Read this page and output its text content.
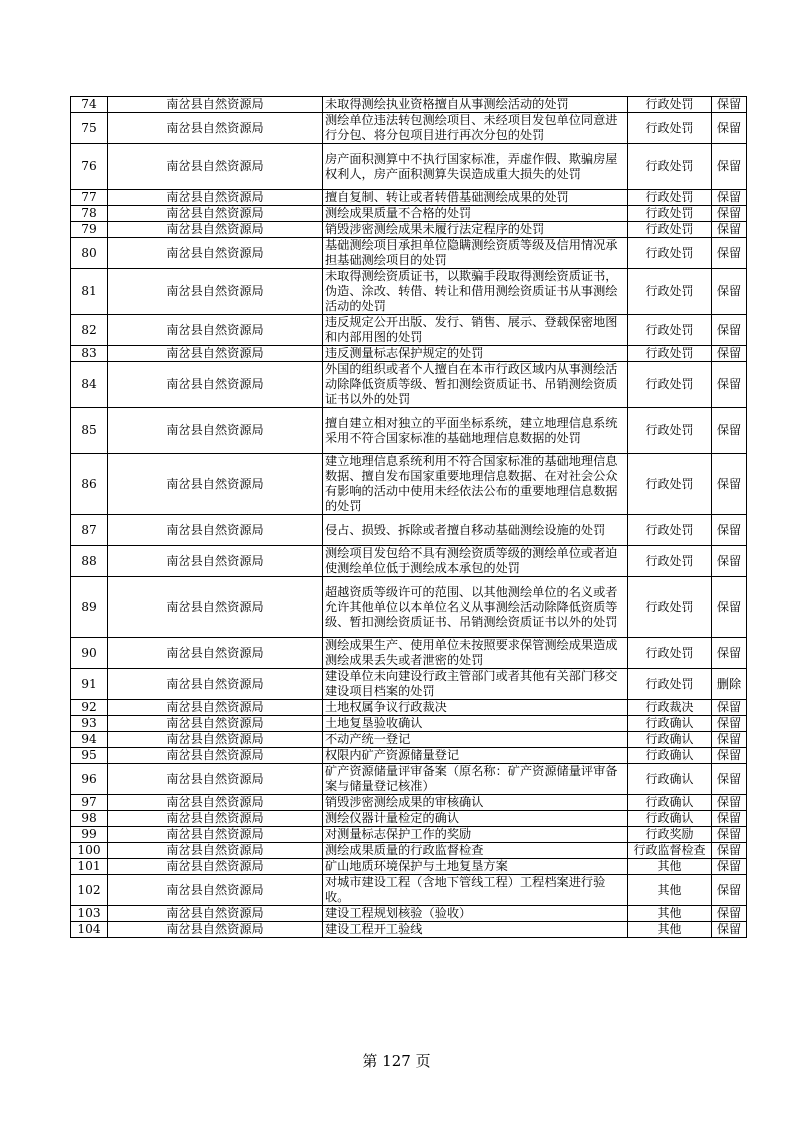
74	南岔县自然资源局	未取得测绘执业资格擅自从事测绘活动的处罚	行政处罚	保留
75	南岔县自然资源局	测绘单位违法转包测绘项目、未经项目发包单位同意进行分包、将分包项目进行再次分包的处罚	行政处罚	保留
76	南岔县自然资源局	房产面积测算中不执行国家标准，弄虚作假、欺骗房屋权利人，房产面积测算失误造成重大损失的处罚	行政处罚	保留
77	南岔县自然资源局	擅自复制、转让或者转借基础测绘成果的处罚	行政处罚	保留
78	南岔县自然资源局	测绘成果质量不合格的处罚	行政处罚	保留
79	南岔县自然资源局	销毁涉密测绘成果未履行法定程序的处罚	行政处罚	保留
80	南岔县自然资源局	基础测绘项目承担单位隐瞒测绘资质等级及信用情况承担基础测绘项目的处罚	行政处罚	保留
81	南岔县自然资源局	未取得测绘资质证书，以欺骗手段取得测绘资质证书，伪造、涂改、转借、转让和借用测绘资质证书从事测绘活动的处罚	行政处罚	保留
82	南岔县自然资源局	违反规定公开出版、发行、销售、展示、登载保密地图和内部用图的处罚	行政处罚	保留
83	南岔县自然资源局	违反测量标志保护规定的处罚	行政处罚	保留
84	南岔县自然资源局	外国的组织或者个人擅自在本市行政区域内从事测绘活动除降低资质等级、暂扣测绘资质证书、吊销测绘资质证书以外的处罚	行政处罚	保留
85	南岔县自然资源局	擅自建立相对独立的平面坐标系统，建立地理信息系统采用不符合国家标准的基础地理信息数据的处罚	行政处罚	保留
86	南岔县自然资源局	建立地理信息系统利用不符合国家标准的基础地理信息数据、擅自发布国家重要地理信息数据、在对社会公众有影响的活动中使用未经依法公布的重要地理信息数据的处罚	行政处罚	保留
87	南岔县自然资源局	侵占、损毁、拆除或者擅自移动基础测绘设施的处罚	行政处罚	保留
88	南岔县自然资源局	测绘项目发包给不具有测绘资质等级的测绘单位或者迫使测绘单位低于测绘成本承包的处罚	行政处罚	保留
89	南岔县自然资源局	超越资质等级许可的范围、以其他测绘单位的名义或者允许其他单位以本单位名义从事测绘活动除降低资质等级、暂扣测绘资质证书、吊销测绘资质证书以外的处罚	行政处罚	保留
90	南岔县自然资源局	测绘成果生产、使用单位未按照要求保管测绘成果造成测绘成果丢失或者泄密的处罚	行政处罚	保留
91	南岔县自然资源局	建设单位未向建设行政主管部门或者其他有关部门移交建设项目档案的处罚	行政处罚	删除
92	南岔县自然资源局	土地权属争议行政裁决	行政裁决	保留
93	南岔县自然资源局	土地复垦验收确认	行政确认	保留
94	南岔县自然资源局	不动产统一登记	行政确认	保留
95	南岔县自然资源局	权限内矿产资源储量登记	行政确认	保留
96	南岔县自然资源局	矿产资源储量评审备案（原名称：矿产资源储量评审备案与储量登记核准）	行政确认	保留
97	南岔县自然资源局	销毁涉密测绘成果的审核确认	行政确认	保留
98	南岔县自然资源局	测绘仪器计量检定的确认	行政确认	保留
99	南岔县自然资源局	对测量标志保护工作的奖励	行政奖励	保留
100	南岔县自然资源局	测绘成果质量的行政监督检查	行政监督检查	保留
101	南岔县自然资源局	矿山地质环境保护与土地复垦方案	其他	保留
102	南岔县自然资源局	对城市建设工程（含地下管线工程）工程档案进行验收。	其他	保留
103	南岔县自然资源局	建设工程规划核验（验收）	其他	保留
104	南岔县自然资源局	建设工程开工验线	其他	保留
第 127 页
